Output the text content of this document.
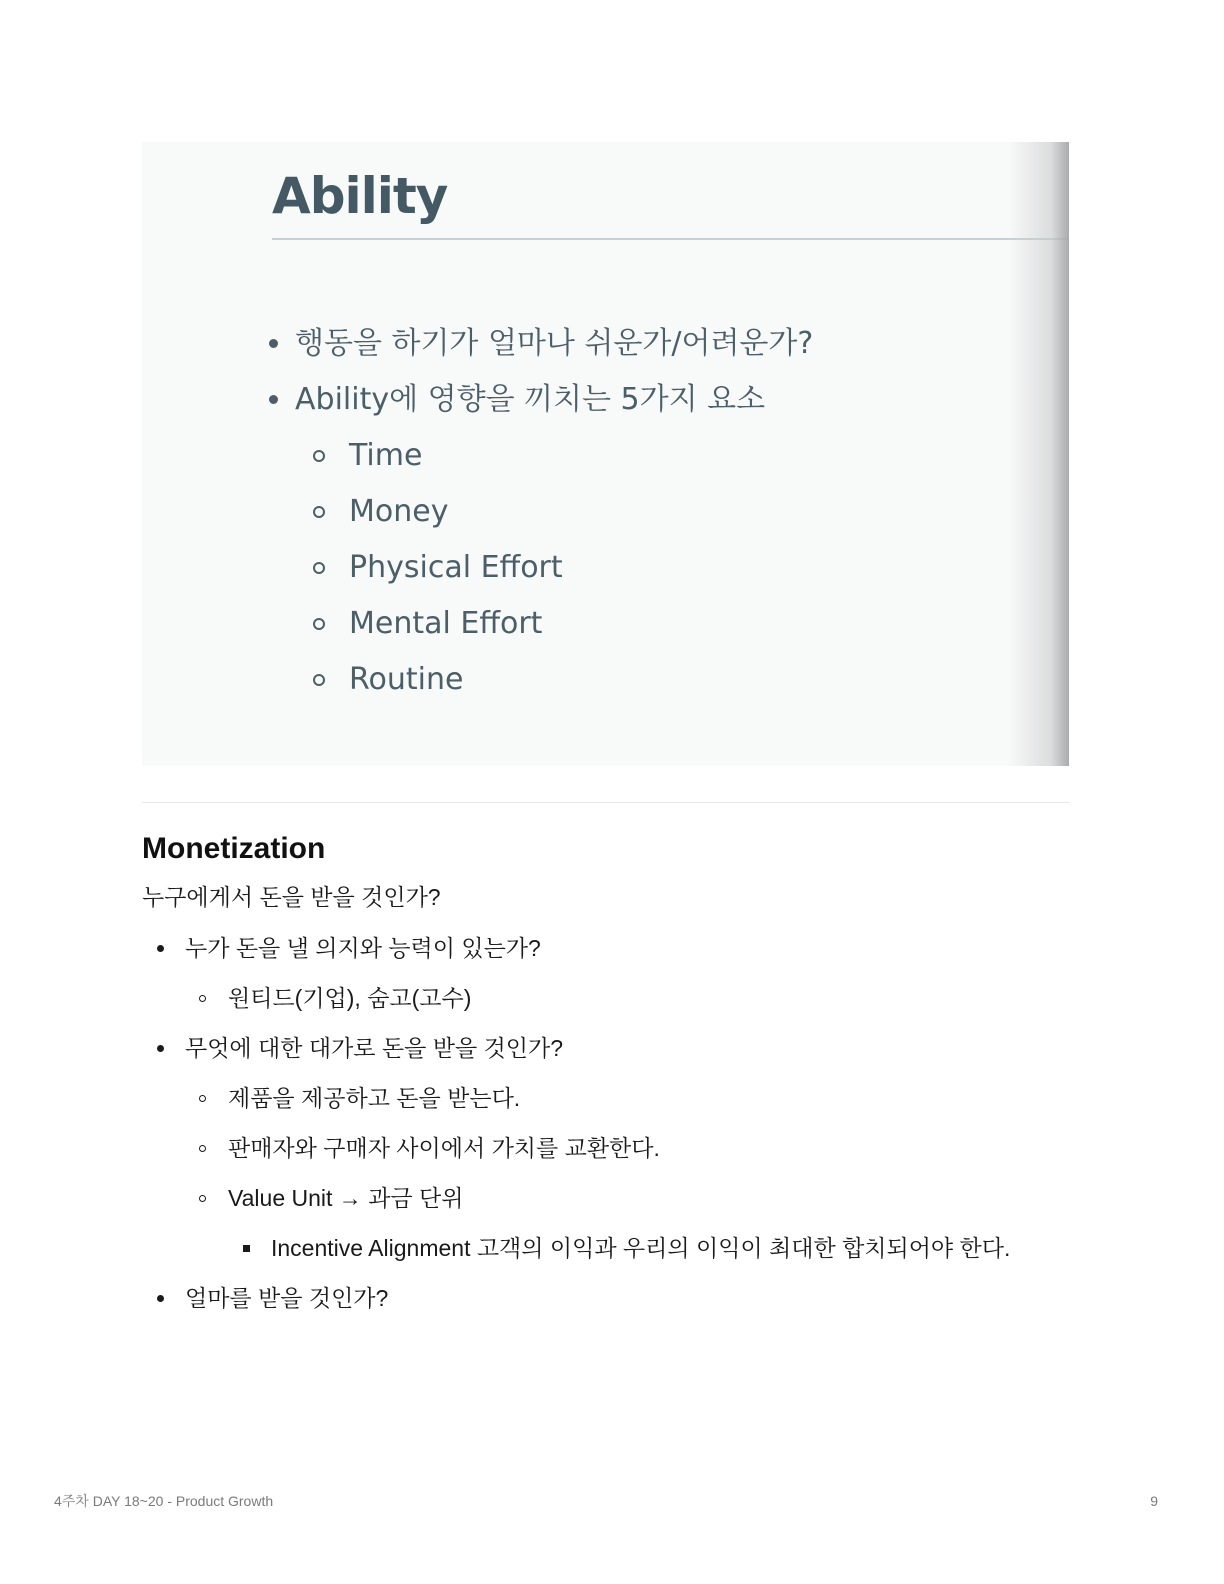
Ability
행동을 하기가 얼마나 쉬운가/어려운가?
Ability에 영향을 끼치는 5가지 요소
Time
Money
Physical Effort
Mental Effort
Routine
Monetization

누구에게서 돈을 받을 것인가?

누가 돈을 낼 의지와 능력이 있는가?
원티드(기업), 숨고(고수)
무엇에 대한 대가로 돈을 받을 것인가?
제품을 제공하고 돈을 받는다.
판매자와 구매자 사이에서 가치를 교환한다.
Value Unit → 과금 단위
Incentive Alignment 고객의 이익과 우리의 이익이 최대한 합치되어야 한다.
얼마를 받을 것인가?
4주차 DAY 18~20 - Product Growth	9
